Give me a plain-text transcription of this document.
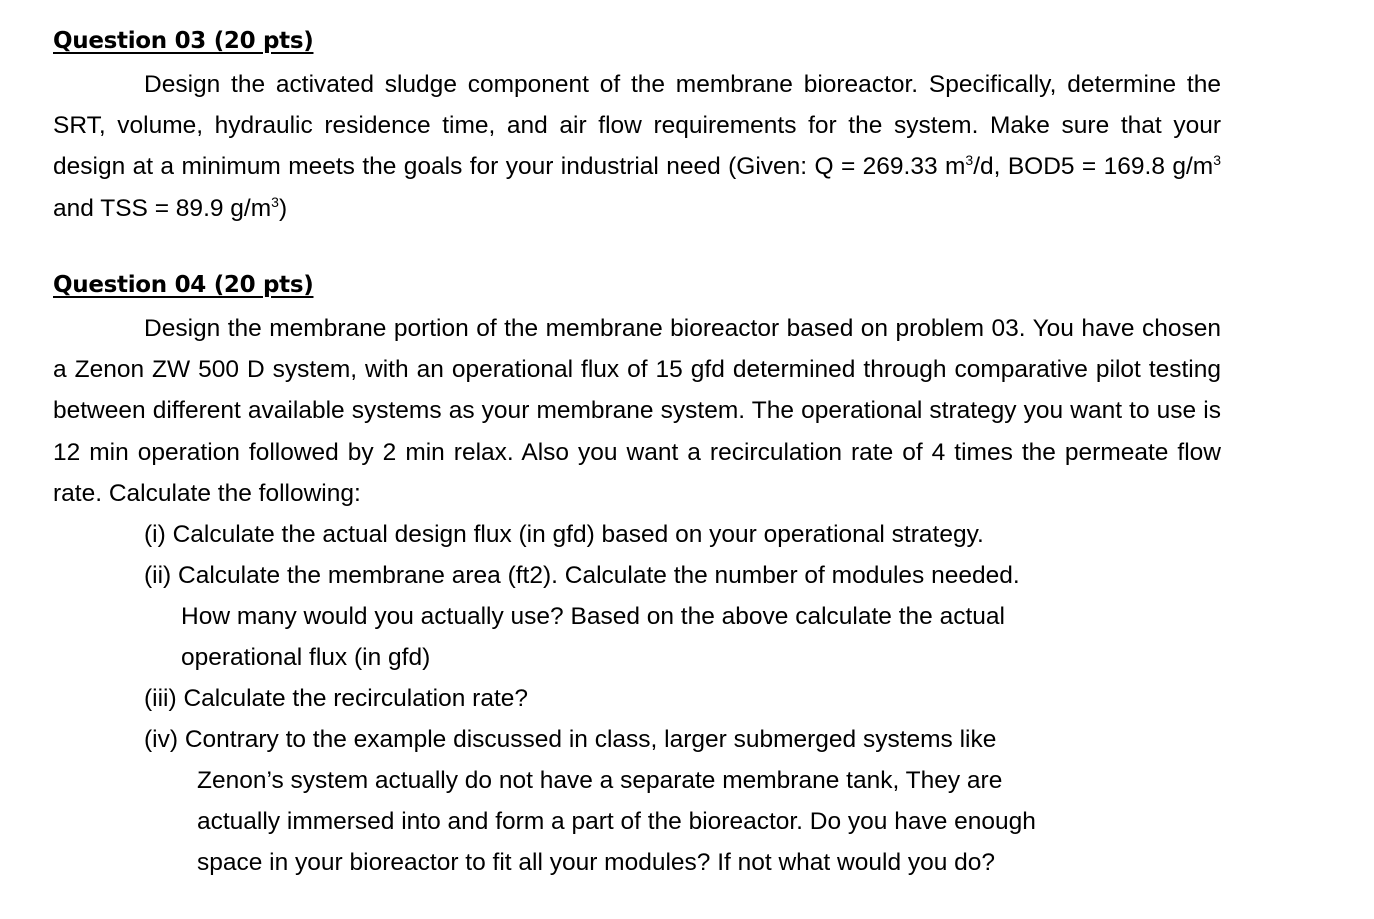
Question 03 (20 pts)

Design the activated sludge component of the membrane bioreactor. Specifically, determine the SRT, volume, hydraulic residence time, and air flow requirements for the system. Make sure that your design at a minimum meets the goals for your industrial need (Given: Q = 269.33 $m^3/d$, BOD5 = 169.8 $g/m^3$ and TSS = 89.9 $g/m^3$)

Question 04 (20 pts)

Design the membrane portion of the membrane bioreactor based on problem 03. You have chosen a Zenon ZW 500 D system, with an operational flux of 15 gfd determined through comparative pilot testing between different available systems as your membrane system. The operational strategy you want to use is 12 min operation followed by 2 min relax. Also you want a recirculation rate of 4 times the permeate flow rate. Calculate the following:

(i) Calculate the actual design flux (in gfd) based on your operational strategy.

(ii) Calculate the membrane area (ft2). Calculate the number of modules needed.

How many would you actually use? Based on the above calculate the actual

operational flux (in gfd)

(iii) Calculate the recirculation rate?

(iv) Contrary to the example discussed in class, larger submerged systems like

Zenon’s system actually do not have a separate membrane tank, They are

actually immersed into and form a part of the bioreactor. Do you have enough

space in your bioreactor to fit all your modules? If not what would you do?
